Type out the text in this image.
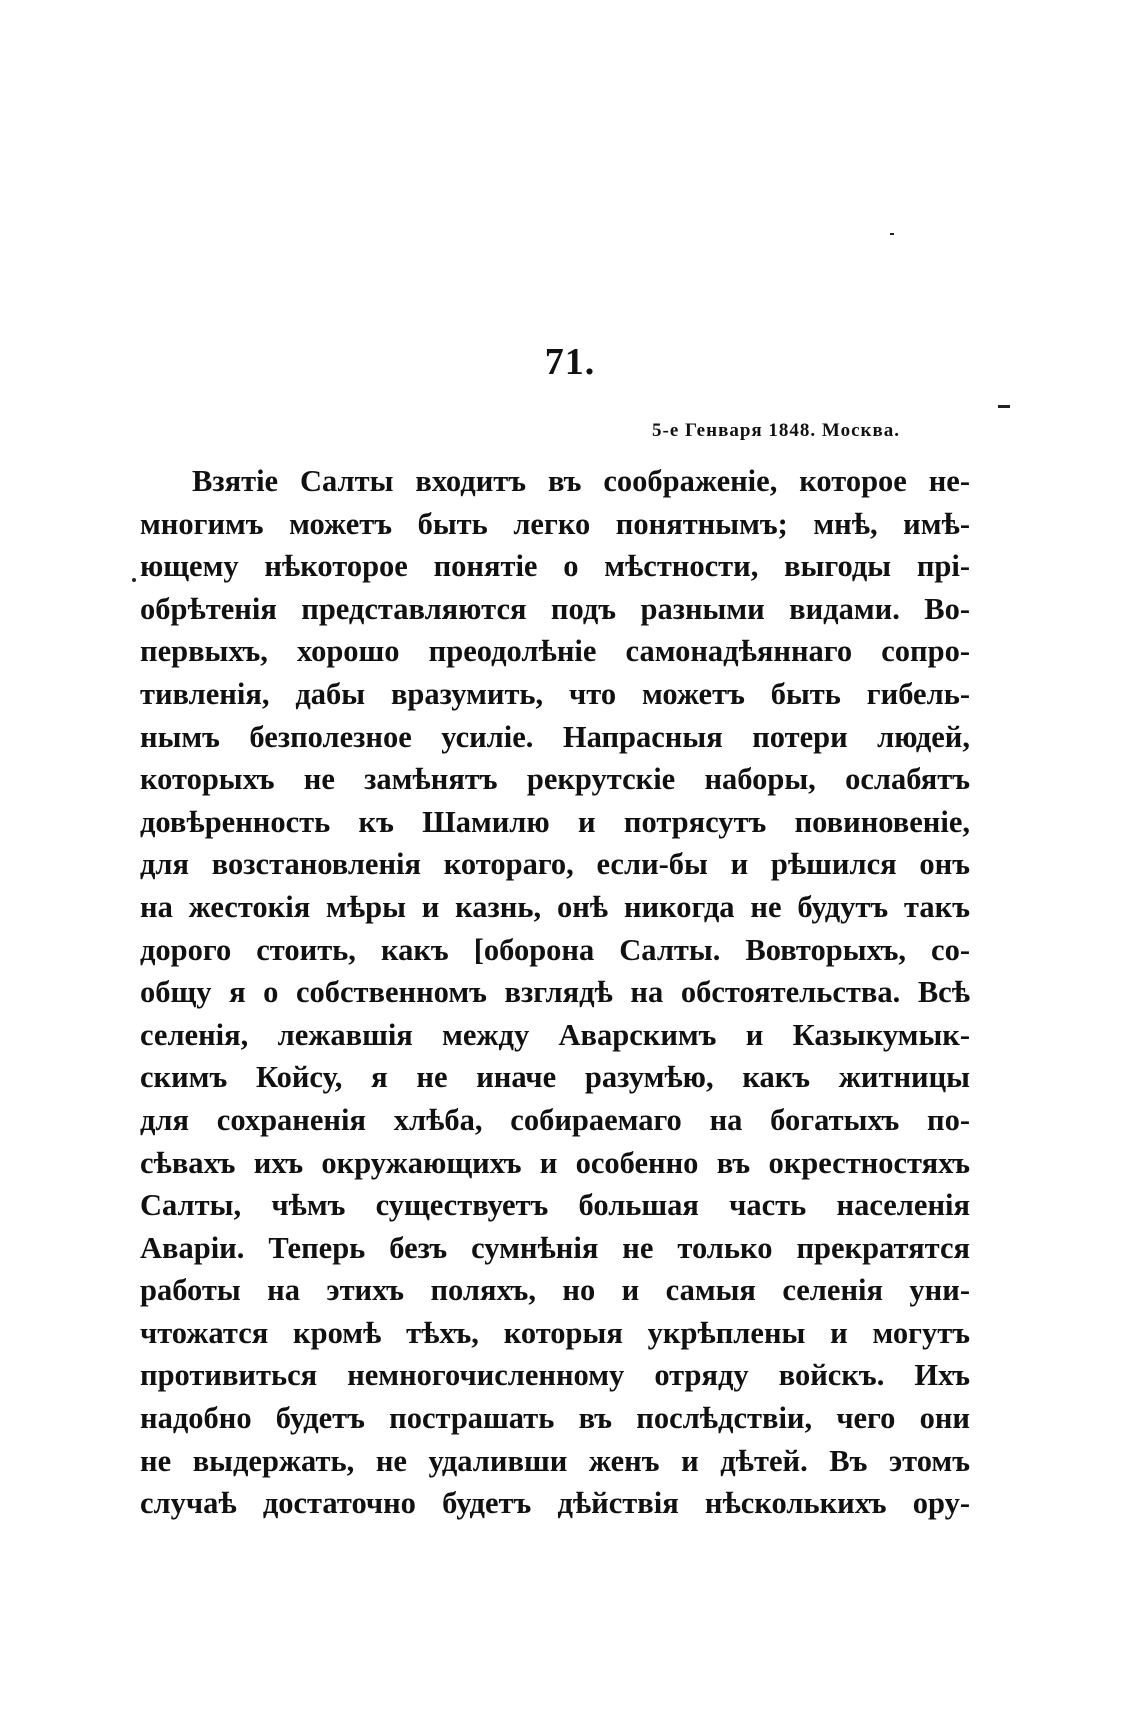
71.

5-е Генваря 1848. Москва.

Взятіе Салты входитъ въ соображеніе, которое не-
многимъ можетъ быть легко понятнымъ; мнѣ, имѣ-
ющему нѣкоторое понятіе о мѣстности, выгоды прі-
обрѣтенія представляются подъ разными видами. Во-
первыхъ, хорошо преодолѣніе самонадѣяннаго сопро-
тивленія, дабы вразумить, что можетъ быть гибель-
нымъ безполезное усиліе. Напрасныя потери людей,
которыхъ не замѣнятъ рекрутскіе наборы, ослабятъ
довѣренность къ Шамилю и потрясутъ повиновеніе,
для возстановленія котораго, если-бы и рѣшился онъ
на жестокія мѣры и казнь, онѣ никогда не будутъ такъ
дорого стоить, какъ [оборона Салты. Вовторыхъ, со-
общу я о собственномъ взглядѣ на обстоятельства. Всѣ
селенія, лежавшія между Аварскимъ и Казыкумык-
скимъ Койсу, я не иначе разумѣю, какъ житницы
для сохраненія хлѣба, собираемаго на богатыхъ по-
сѣвахъ ихъ окружающихъ и особенно въ окрестностяхъ
Салты, чѣмъ существуетъ большая часть населенія
Аваріи. Теперь безъ сумнѣнія не только прекратятся
работы на этихъ поляхъ, но и самыя селенія уни-
чтожатся кромѣ тѣхъ, которыя укрѣплены и могутъ
противиться немногочисленному отряду войскъ. Ихъ
надобно будетъ пострашать въ послѣдствіи, чего они
не выдержать, не удаливши женъ и дѣтей. Въ этомъ
случаѣ достаточно будетъ дѣйствія нѣсколькихъ ору-
